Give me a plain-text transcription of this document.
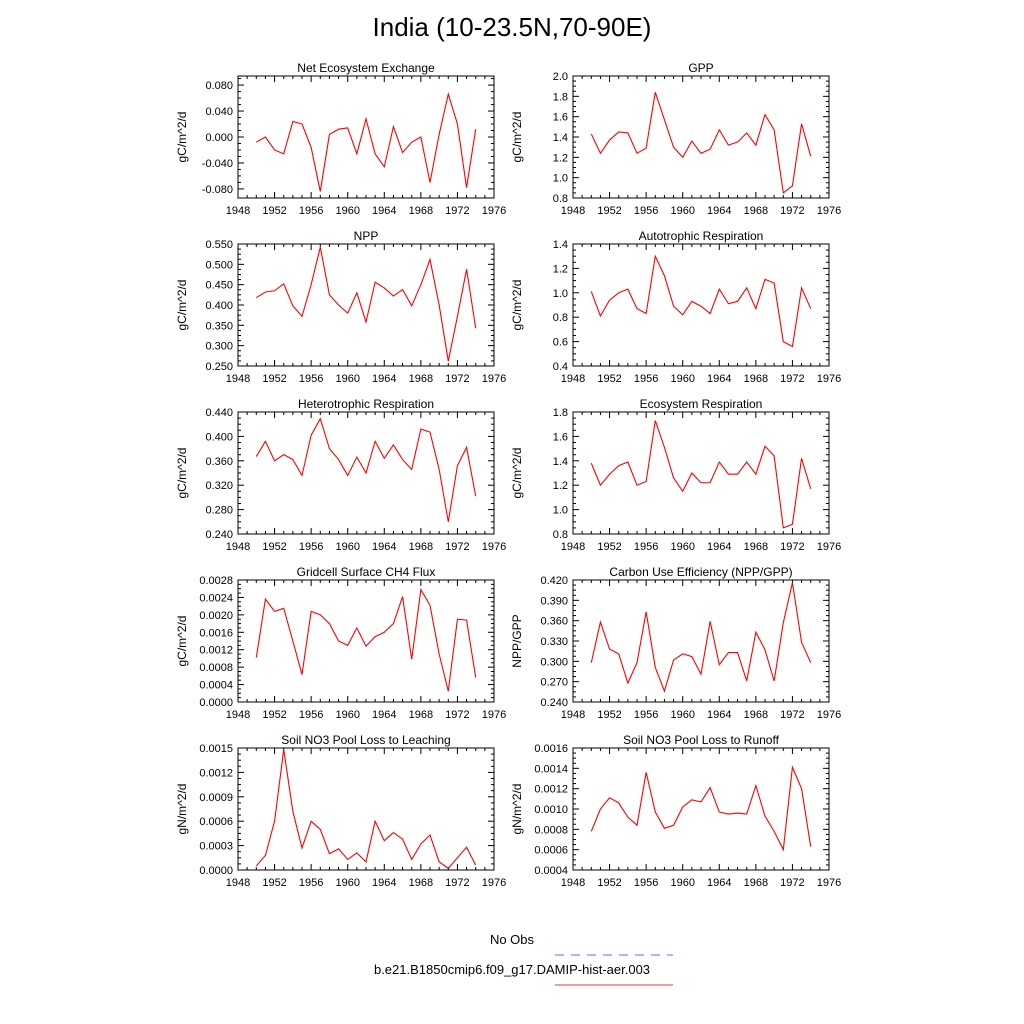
India (10-23.5N,70-90E)
Net Ecosystem Exchange
gC/m^2/d
1948 1952 1956 1960 1964 1968 1972 1976
-0.080
-0.040
0.000
0.040
0.080
GPP
gC/m^2/d
1948 1952 1956 1960 1964 1968 1972 1976
0.8
1.0
1.2
1.4
1.6
1.8
2.0
NPP
gC/m^2/d
1948 1952 1956 1960 1964 1968 1972 1976
0.250
0.300
0.350
0.400
0.450
0.500
0.550
Autotrophic Respiration
gC/m^2/d
1948 1952 1956 1960 1964 1968 1972 1976
0.4
0.6
0.8
1.0
1.2
1.4
Heterotrophic Respiration
gC/m^2/d
1948 1952 1956 1960 1964 1968 1972 1976
0.240
0.280
0.320
0.360
0.400
0.440
Ecosystem Respiration
gC/m^2/d
1948 1952 1956 1960 1964 1968 1972 1976
0.8
1.0
1.2
1.4
1.6
1.8
Gridcell Surface CH4 Flux
gC/m^2/d
1948 1952 1956 1960 1964 1968 1972 1976
0.0000
0.0004
0.0008
0.0012
0.0016
0.0020
0.0024
0.0028
Carbon Use Efficiency (NPP/GPP)
NPP/GPP
1948 1952 1956 1960 1964 1968 1972 1976
0.240
0.270
0.300
0.330
0.360
0.390
0.420
Soil NO3 Pool Loss to Leaching
gN/m^2/d
1948 1952 1956 1960 1964 1968 1972 1976
0.0000
0.0003
0.0006
0.0009
0.0012
0.0015
Soil NO3 Pool Loss to Runoff
gN/m^2/d
1948 1952 1956 1960 1964 1968 1972 1976
0.0004
0.0006
0.0008
0.0010
0.0012
0.0014
0.0016
No Obs
b.e21.B1850cmip6.f09_g17.DAMIP-hist-aer.003
